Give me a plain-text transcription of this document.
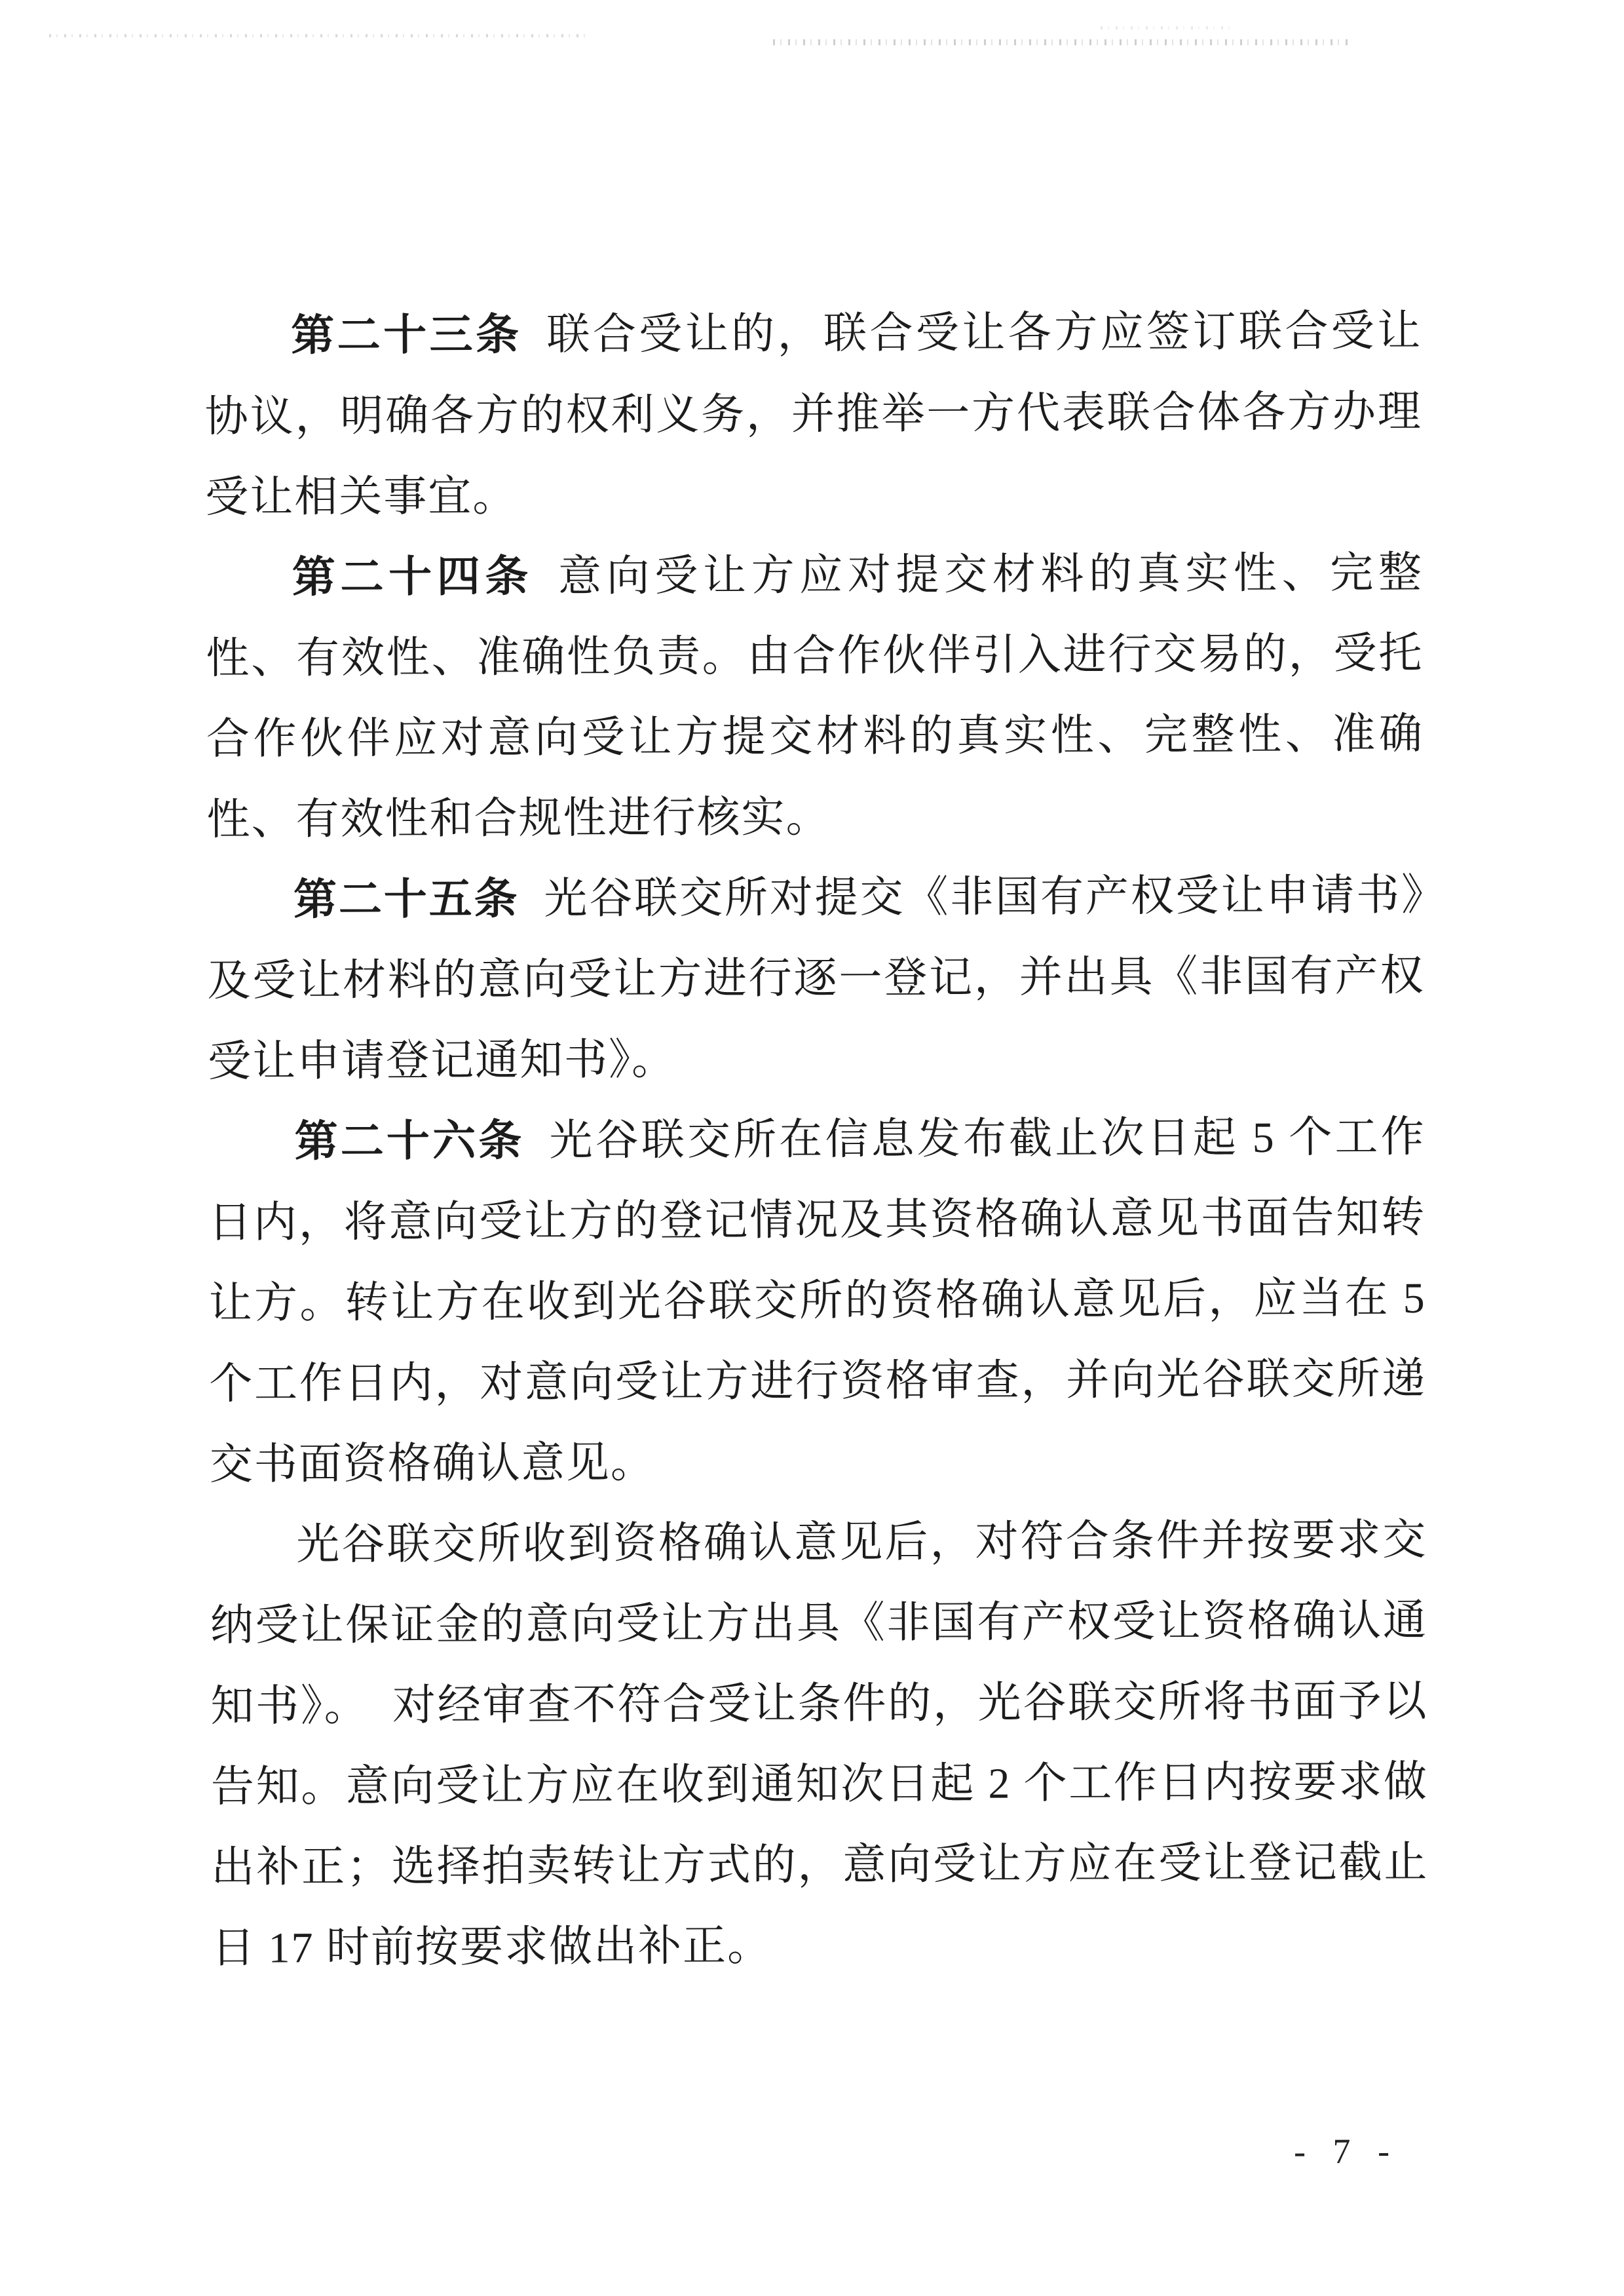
第二十三条 联合受让的，联合受让各方应签订联合受让协议，明确各方的权利义务，并推举一方代表联合体各方办理受让相关事宜。

第二十四条 意向受让方应对提交材料的真实性、完整性、有效性、准确性负责。由合作伙伴引入进行交易的，受托合作伙伴应对意向受让方提交材料的真实性、完整性、准确性、有效性和合规性进行核实。

第二十五条 光谷联交所对提交《非国有产权受让申请书》及受让材料的意向受让方进行逐一登记，并出具《非国有产权受让申请登记通知书》。

第二十六条 光谷联交所在信息发布截止次日起 5 个工作日内，将意向受让方的登记情况及其资格确认意见书面告知转让方。转让方在收到光谷联交所的资格确认意见后，应当在 5 个工作日内，对意向受让方进行资格审查，并向光谷联交所递交书面资格确认意见。

光谷联交所收到资格确认意见后，对符合条件并按要求交纳受让保证金的意向受让方出具《非国有产权受让资格确认通知书》。　对经审查不符合受让条件的，光谷联交所将书面予以告知。意向受让方应在收到通知次日起 2 个工作日内按要求做出补正；选择拍卖转让方式的，意向受让方应在受让登记截止日 17 时前按要求做出补正。

- 7 -
